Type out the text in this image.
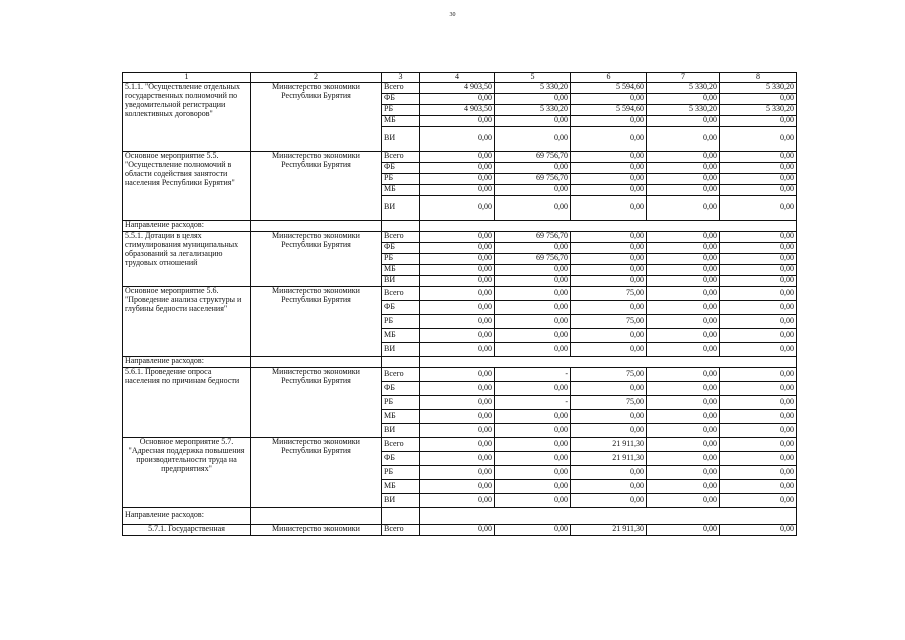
30
1	2	3	4	5	6	7	8
5.1.1. "Осуществление отдельных государственных полномочий по уведомительной регистрации коллективных договоров"	Министерство экономики Республики Бурятия	Всего	4 903,50	5 330,20	5 594,60	5 330,20	5 330,20
		ФБ	0,00	0,00	0,00	0,00	0,00
		РБ	4 903,50	5 330,20	5 594,60	5 330,20	5 330,20
		МБ	0,00	0,00	0,00	0,00	0,00
		ВИ	0,00	0,00	0,00	0,00	0,00
Основное мероприятие 5.5. "Осуществление полномочий в области содействия занятости населения Республики Бурятия"	Министерство экономики Республики Бурятия	Всего	0,00	69 756,70	0,00	0,00	0,00
		ФБ	0,00	0,00	0,00	0,00	0,00
		РБ	0,00	69 756,70	0,00	0,00	0,00
		МБ	0,00	0,00	0,00	0,00	0,00
		ВИ	0,00	0,00	0,00	0,00	0,00
Направление расходов:							
5.5.1. Дотации в целях стимулирования муниципальных образований за легализацию трудовых отношений	Министерство экономики Республики Бурятия	Всего	0,00	69 756,70	0,00	0,00	0,00
		ФБ	0,00	0,00	0,00	0,00	0,00
		РБ	0,00	69 756,70	0,00	0,00	0,00
		МБ	0,00	0,00	0,00	0,00	0,00
		ВИ	0,00	0,00	0,00	0,00	0,00
Основное мероприятие 5.6. "Проведение анализа структуры и глубины бедности населения"	Министерство экономики Республики Бурятия	Всего	0,00	0,00	75,00	0,00	0,00
		ФБ	0,00	0,00	0,00	0,00	0,00
		РБ	0,00	0,00	75,00	0,00	0,00
		МБ	0,00	0,00	0,00	0,00	0,00
		ВИ	0,00	0,00	0,00	0,00	0,00
Направление расходов:							
5.6.1. Проведение опроса населения по причинам бедности	Министерство экономики Республики Бурятия	Всего	0,00	-	75,00	0,00	0,00
		ФБ	0,00	0,00	0,00	0,00	0,00
		РБ	0,00	-	75,00	0,00	0,00
		МБ	0,00	0,00	0,00	0,00	0,00
		ВИ	0,00	0,00	0,00	0,00	0,00
Основное мероприятие 5.7. "Адресная поддержка повышения производительности труда на предприятиях"	Министерство экономики Республики Бурятия	Всего	0,00	0,00	21 911,30	0,00	0,00
		ФБ	0,00	0,00	21 911,30	0,00	0,00
		РБ	0,00	0,00	0,00	0,00	0,00
		МБ	0,00	0,00	0,00	0,00	0,00
		ВИ	0,00	0,00	0,00	0,00	0,00
Направление расходов:							
5.7.1. Государственная	Министерство экономики	Всего	0,00	0,00	21 911,30	0,00	0,00
